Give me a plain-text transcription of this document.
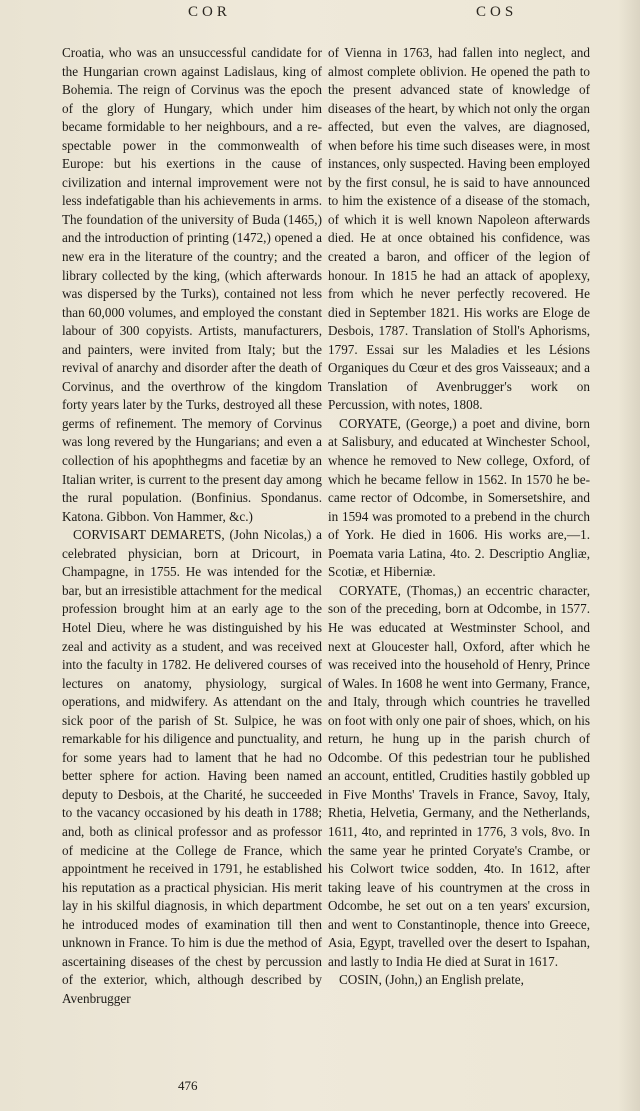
COR	COS

Croatia, who was an unsuccessful candidate for the Hungarian crown against Ladislaus, king of Bohemia. The reign of Corvinus was the epoch of the glory of Hungary, which under him became formidable to her neighbours, and a respectable power in the commonwealth of Europe: but his exertions in the cause of civilization and internal improvement were not less indefatigable than his achievements in arms. The foundation of the university of Buda (1465,) and the introduction of printing (1472,) opened a new era in the literature of the country; and the library collected by the king, (which afterwards was dispersed by the Turks), contained not less than 60,000 volumes, and employed the constant labour of 300 copyists. Artists, manufacturers, and painters, were invited from Italy; but the revival of anarchy and disorder after the death of Corvinus, and the overthrow of the kingdom forty years later by the Turks, destroyed all these germs of refinement. The memory of Corvinus was long revered by the Hungarians; and even a collection of his apophthegms and facetiæ by an Italian writer, is current to the present day among the rural population. (Bonfinius. Spondanus. Katona. Gibbon. Von Hammer, &c.)

CORVISART DEMARETS, (John Nicolas,) a celebrated physician, born at Dricourt, in Champagne, in 1755. He was intended for the bar, but an irresistible attachment for the medical profession brought him at an early age to the Hotel Dieu, where he was distinguished by his zeal and activity as a student, and was received into the faculty in 1782. He delivered courses of lectures on anatomy, physiology, surgical operations, and midwifery. As attendant on the sick poor of the parish of St. Sulpice, he was remarkable for his diligence and punctuality, and for some years had to lament that he had no better sphere for action. Having been named deputy to Desbois, at the Charité, he succeeded to the vacancy occasioned by his death in 1788; and, both as clinical professor and as professor of medicine at the College de France, which appointment he received in 1791, he established his reputation as a practical physician. His merit lay in his skilful diagnosis, in which department he introduced modes of examination till then unknown in France. To him is due the method of ascertaining diseases of the chest by percussion of the exterior, which, although described by Avenbrugger

of Vienna in 1763, had fallen into neglect, and almost complete oblivion. He opened the path to the present advanced state of knowledge of diseases of the heart, by which not only the organ affected, but even the valves, are diagnosed, when before his time such diseases were, in most instances, only suspected. Having been employed by the first consul, he is said to have announced to him the existence of a disease of the stomach, of which it is well known Napoleon afterwards died. He at once obtained his confidence, was created a baron, and officer of the legion of honour. In 1815 he had an attack of apoplexy, from which he never perfectly recovered. He died in September 1821. His works are Eloge de Desbois, 1787. Translation of Stoll's Aphorisms, 1797. Essai sur les Maladies et les Lésions Organiques du Cœur et des gros Vaisseaux; and a Translation of Avenbrugger's work on Percussion, with notes, 1808.

CORYATE, (George,) a poet and divine, born at Salisbury, and educated at Winchester School, whence he removed to New college, Oxford, of which he became fellow in 1562. In 1570 he became rector of Odcombe, in Somersetshire, and in 1594 was promoted to a prebend in the church of York. He died in 1606. His works are,—1. Poemata varia Latina, 4to. 2. Descriptio Angliæ, Scotiæ, et Hiberniæ.

CORYATE, (Thomas,) an eccentric character, son of the preceding, born at Odcombe, in 1577. He was educated at Westminster School, and next at Gloucester hall, Oxford, after which he was received into the household of Henry, Prince of Wales. In 1608 he went into Germany, France, and Italy, through which countries he travelled on foot with only one pair of shoes, which, on his return, he hung up in the parish church of Odcombe. Of this pedestrian tour he published an account, entitled, Crudities hastily gobbled up in Five Months' Travels in France, Savoy, Italy, Rhetia, Helvetia, Germany, and the Netherlands, 1611, 4to, and reprinted in 1776, 3 vols, 8vo. In the same year he printed Coryate's Crambe, or his Colwort twice sodden, 4to. In 1612, after taking leave of his countrymen at the cross in Odcombe, he set out on a ten years' excursion, and went to Constantinople, thence into Greece, Asia, Egypt, travelled over the desert to Ispahan, and lastly to India He died at Surat in 1617.

COSIN, (John,) an English prelate,

476
